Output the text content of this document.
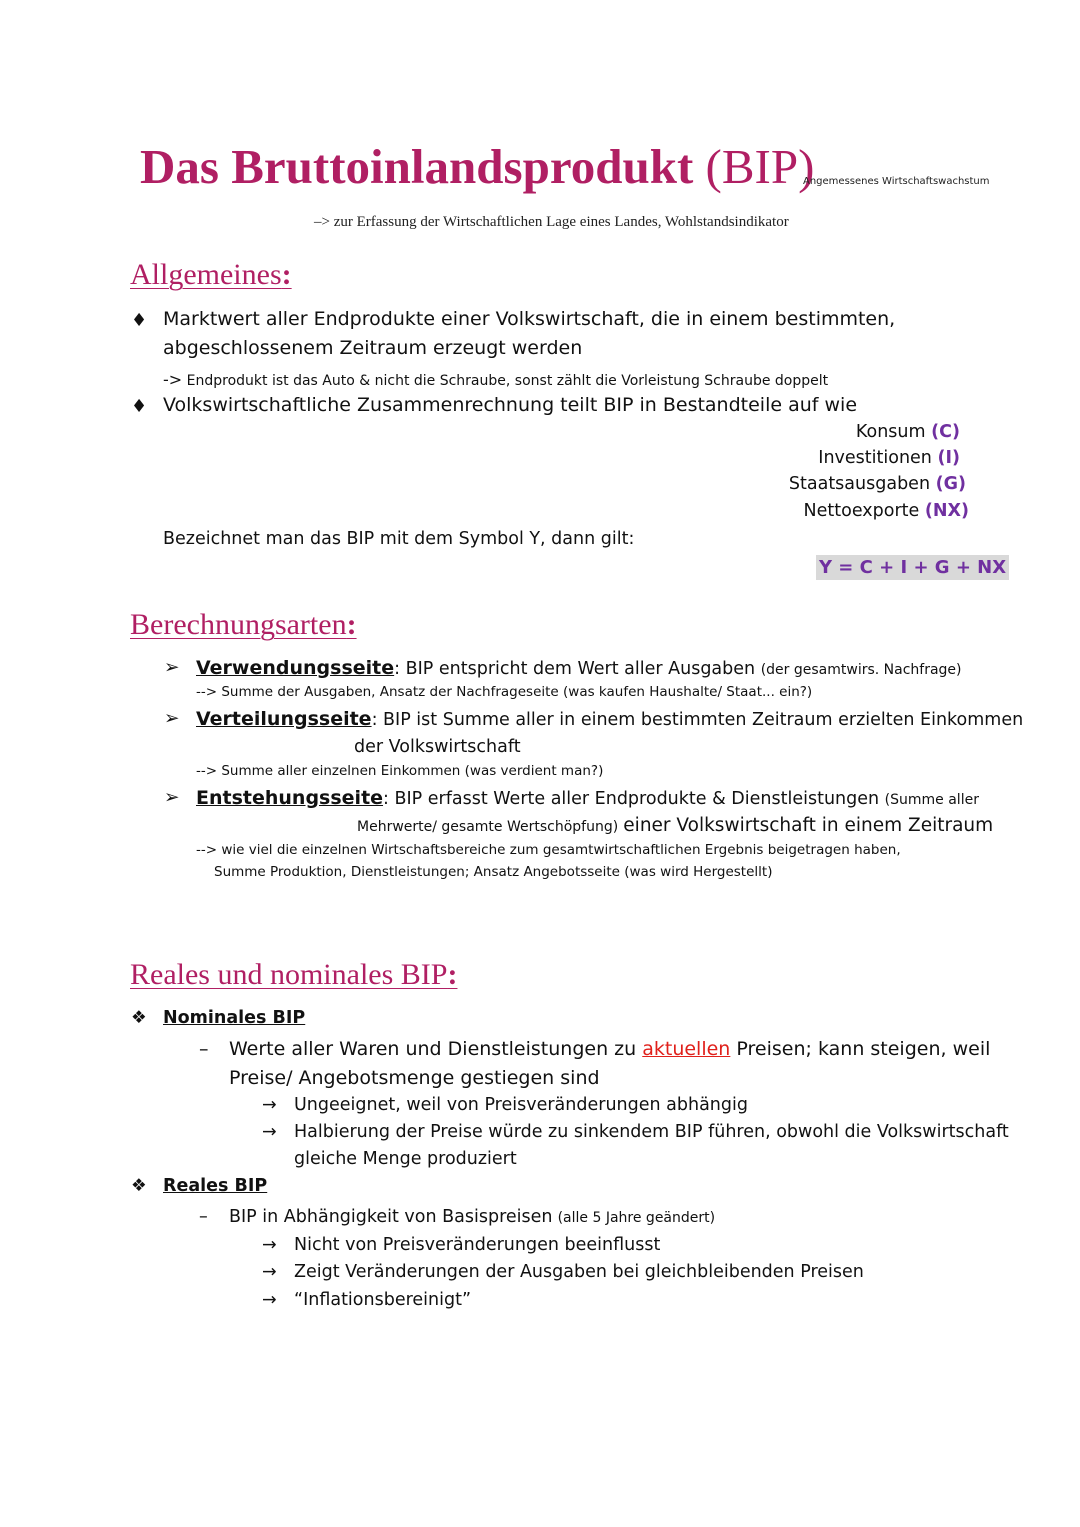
Das Bruttoinlandsprodukt (BIP)
Angemessenes Wirtschaftswachstum
–> zur Erfassung der Wirtschaftlichen Lage eines Landes, Wohlstandsindikator
Allgemeines:
♦ Marktwert aller Endprodukte einer Volkswirtschaft, die in einem bestimmten,
abgeschlossenem Zeitraum erzeugt werden
-> Endprodukt ist das Auto & nicht die Schraube, sonst zählt die Vorleistung Schraube doppelt
♦ Volkswirtschaftliche Zusammenrechnung teilt BIP in Bestandteile auf wie
Konsum (C)
Investitionen (I)
Staatsausgaben (G)
Nettoexporte (NX)
Bezeichnet man das BIP mit dem Symbol Y, dann gilt:
Y = C + I + G + NX
Berechnungsarten:
➢ Verwendungsseite: BIP entspricht dem Wert aller Ausgaben (der gesamtwirs. Nachfrage)
--> Summe der Ausgaben, Ansatz der Nachfrageseite (was kaufen Haushalte/ Staat... ein?)
➢ Verteilungsseite: BIP ist Summe aller in einem bestimmten Zeitraum erzielten Einkommen
der Volkswirtschaft
--> Summe aller einzelnen Einkommen (was verdient man?)
➢ Entstehungsseite: BIP erfasst Werte aller Endprodukte & Dienstleistungen (Summe aller
Mehrwerte/ gesamte Wertschöpfung) einer Volkswirtschaft in einem Zeitraum
--> wie viel die einzelnen Wirtschaftsbereiche zum gesamtwirtschaftlichen Ergebnis beigetragen haben,
Summe Produktion, Dienstleistungen; Ansatz Angebotsseite (was wird Hergestellt)
Reales und nominales BIP:
❖ Nominales BIP
– Werte aller Waren und Dienstleistungen zu aktuellen Preisen; kann steigen, weil
Preise/ Angebotsmenge gestiegen sind
→ Ungeeignet, weil von Preisveränderungen abhängig
→ Halbierung der Preise würde zu sinkendem BIP führen, obwohl die Volkswirtschaft
gleiche Menge produziert
❖ Reales BIP
– BIP in Abhängigkeit von Basispreisen (alle 5 Jahre geändert)
→ Nicht von Preisveränderungen beeinflusst
→ Zeigt Veränderungen der Ausgaben bei gleichbleibenden Preisen
→ “Inflationsbereinigt”
